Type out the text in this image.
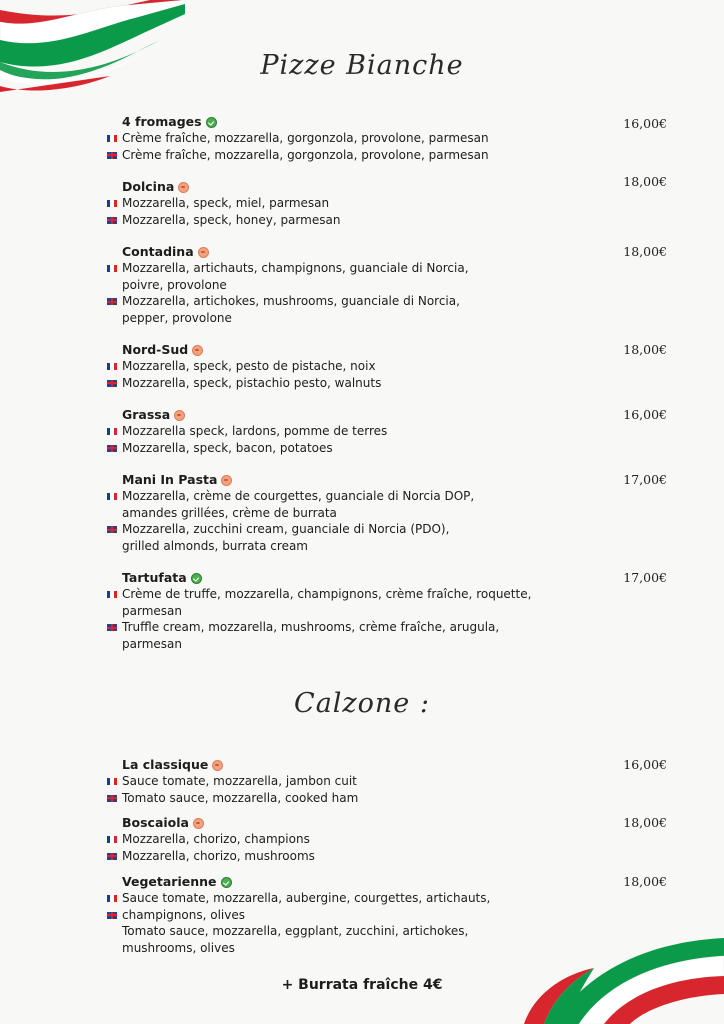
Pizze Bianche
4 fromages
Crème fraîche, mozzarella, gorgonzola, provolone, parmesan
Crème fraîche, mozzarella, gorgonzola, provolone, parmesan
16,00€
Dolcina
Mozzarella, speck, miel, parmesan
Mozzarella, speck, honey, parmesan
18,00€
Contadina
Mozzarella, artichauts, champignons, guanciale di Norcia, poivre, provolone
Mozzarella, artichokes, mushrooms, guanciale di Norcia, pepper, provolone
18,00€
Nord-Sud
Mozzarella, speck, pesto de pistache, noix
Mozzarella, speck, pistachio pesto, walnuts
18,00€
Grassa
Mozzarella speck, lardons, pomme de terres
Mozzarella, speck, bacon, potatoes
16,00€
Mani In Pasta
Mozzarella, crème de courgettes, guanciale di Norcia DOP, amandes grillées, crème de burrata
Mozzarella, zucchini cream, guanciale di Norcia (PDO), grilled almonds, burrata cream
17,00€
Tartufata
Crème de truffe, mozzarella, champignons, crème fraîche, roquette, parmesan
Truffle cream, mozzarella, mushrooms, crème fraîche, arugula, parmesan
17,00€
La classique
Sauce tomate, mozzarella, jambon cuit
Tomato sauce, mozzarella, cooked ham
16,00€
Boscaiola
Mozzarella, chorizo, champions
Mozzarella, chorizo, mushrooms
18,00€
Vegetarienne
Sauce tomate, mozzarella, aubergine, courgettes, artichauts,
champignons, olives
Tomato sauce, mozzarella, eggplant, zucchini, artichokes, mushrooms, olives
18,00€
Calzone :
+ Burrata fraîche 4€
